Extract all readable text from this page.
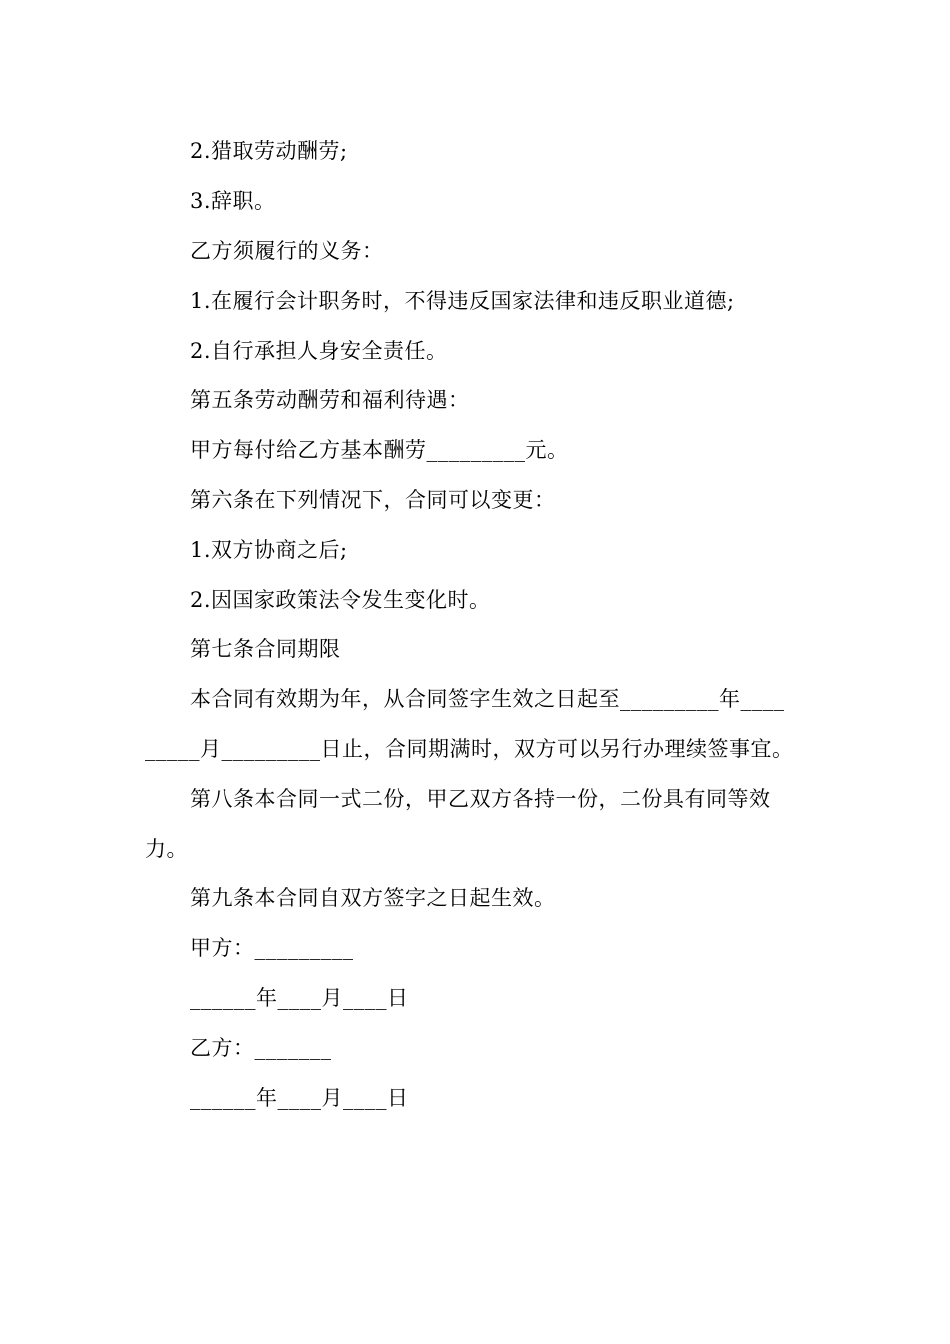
2.猎取劳动酬劳;
3.辞职。
乙方须履行的义务：
1.在履行会计职务时，不得违反国家法律和违反职业道德;
2.自行承担人身安全责任。
第五条劳动酬劳和福利待遇：
甲方每付给乙方基本酬劳_________元。
第六条在下列情况下，合同可以变更：
1.双方协商之后;
2.因国家政策法令发生变化时。
第七条合同期限
本合同有效期为年，从合同签字生效之日起至_________年____
_____月_________日止，合同期满时，双方可以另行办理续签事宜。
第八条本合同一式二份，甲乙双方各持一份，二份具有同等效
力。
第九条本合同自双方签字之日起生效。
甲方：_________
______年____月____日
乙方：_______
______年____月____日
